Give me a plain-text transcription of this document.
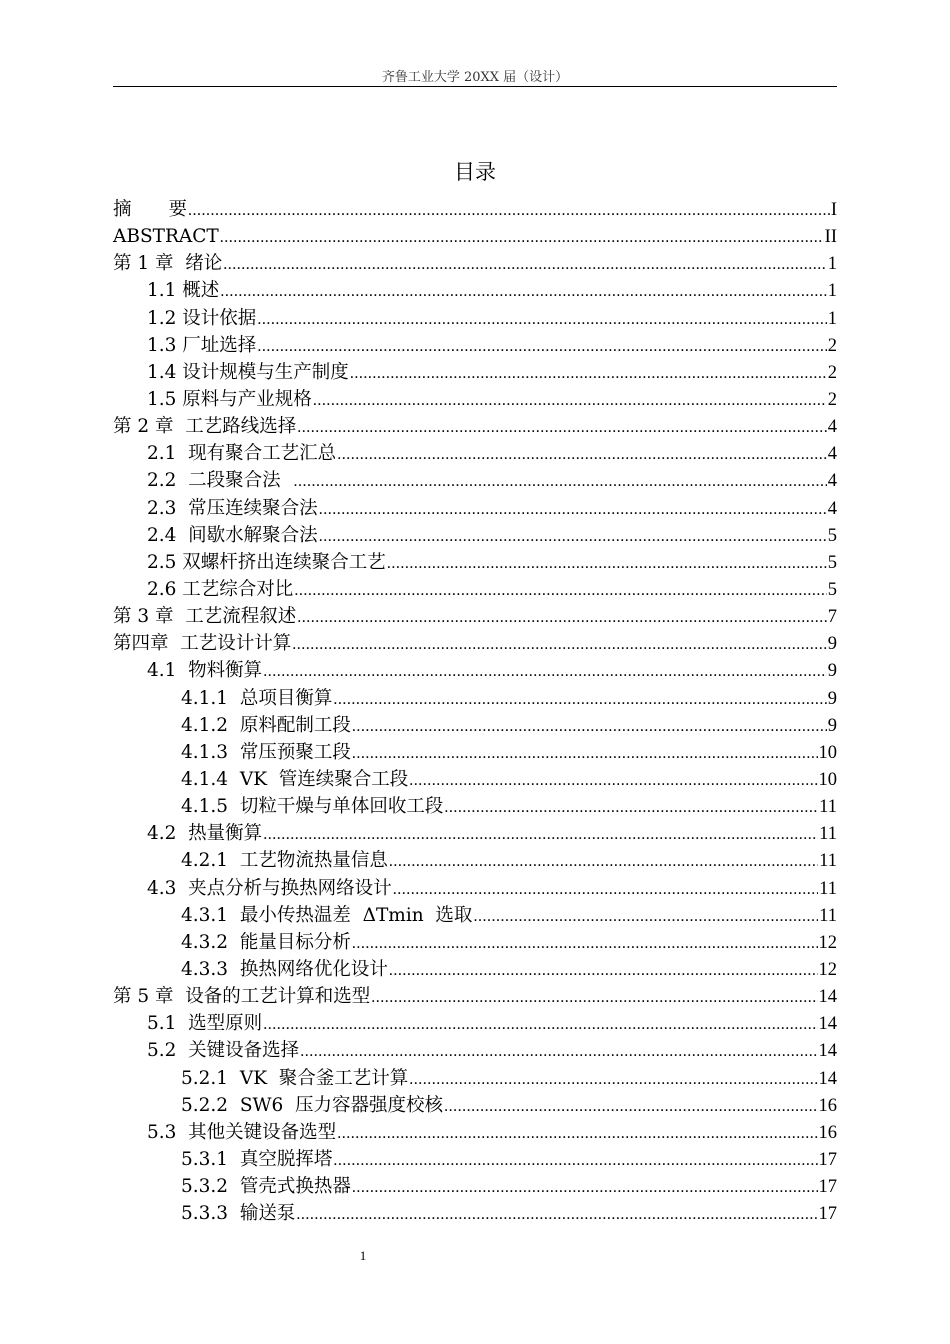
齐鲁工业大学 20XX 届（设计）
目录
摘　　要 .....	I
ABSTRACT .....	II
第 1 章  绪论 .....	1
1.1 概述 .....	1
1.2 设计依据 .....	1
1.3 厂址选择 .....	2
1.4 设计规模与生产制度 .....	2
1.5 原料与产业规格 .....	2
第 2 章  工艺路线选择 .....	4
2.1  现有聚合工艺汇总 .....	4
2.2  二段聚合法 .....	4
2.3  常压连续聚合法 .....	4
2.4  间歇水解聚合法 .....	5
2.5 双螺杆挤出连续聚合工艺 .....	5
2.6 工艺综合对比 .....	5
第 3 章  工艺流程叙述 .....	7
第四章  工艺设计计算 .....	9
4.1  物料衡算 .....	9
4.1.1  总项目衡算 .....	9
4.1.2  原料配制工段 .....	9
4.1.3  常压预聚工段 .....	10
4.1.4  VK  管连续聚合工段 .....	10
4.1.5  切粒干燥与单体回收工段 .....	11
4.2  热量衡算 .....	11
4.2.1  工艺物流热量信息 .....	11
4.3  夹点分析与换热网络设计 .....	11
4.3.1  最小传热温差  ΔTmin  选取 .....	11
4.3.2  能量目标分析 .....	12
4.3.3  换热网络优化设计 .....	12
第 5 章  设备的工艺计算和选型 .....	14
5.1  选型原则 .....	14
5.2  关键设备选择 .....	14
5.2.1  VK  聚合釜工艺计算 .....	14
5.2.2  SW6  压力容器强度校核 .....	16
5.3  其他关键设备选型 .....	16
5.3.1  真空脱挥塔 .....	17
5.3.2  管壳式换热器 .....	17
5.3.3  输送泵 .....	17
1
